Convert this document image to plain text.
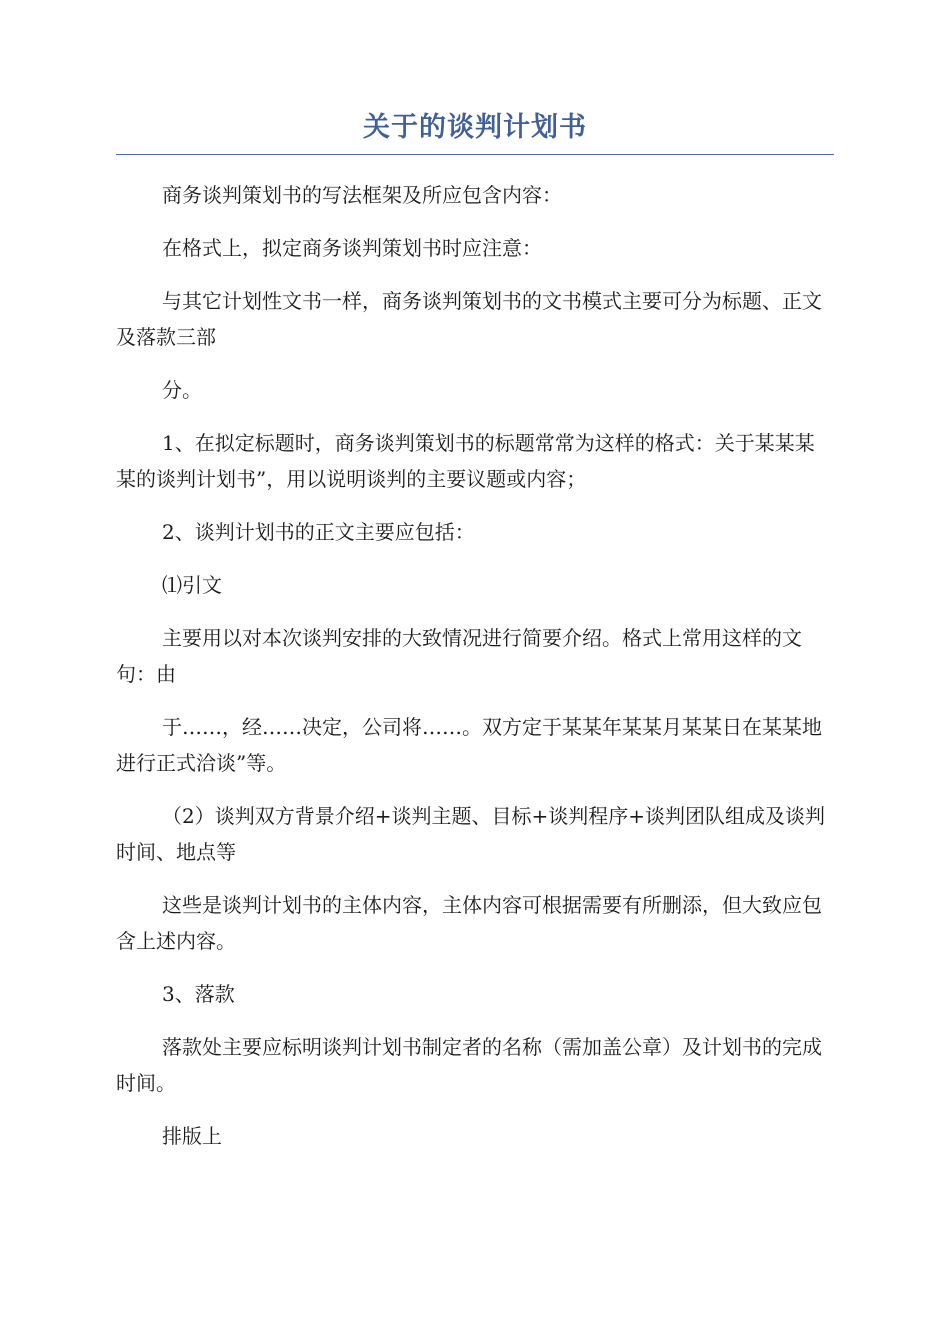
关于的谈判计划书

商务谈判策划书的写法框架及所应包含内容：

在格式上，拟定商务谈判策划书时应注意：

与其它计划性文书一样，商务谈判策划书的文书模式主要可分为标题、正文及落款三部

分。

1、在拟定标题时，商务谈判策划书的标题常常为这样的格式：关于某某某某的谈判计划书”，用以说明谈判的主要议题或内容；

2、谈判计划书的正文主要应包括：

⑴引文

主要用以对本次谈判安排的大致情况进行简要介绍。格式上常用这样的文句：由

于……，经……决定，公司将……。双方定于某某年某某月某某日在某某地进行正式洽谈”等。

（2）谈判双方背景介绍+谈判主题、目标+谈判程序+谈判团队组成及谈判时间、地点等

这些是谈判计划书的主体内容，主体内容可根据需要有所删添，但大致应包含上述内容。

3、落款

落款处主要应标明谈判计划书制定者的名称（需加盖公章）及计划书的完成时间。

排版上
